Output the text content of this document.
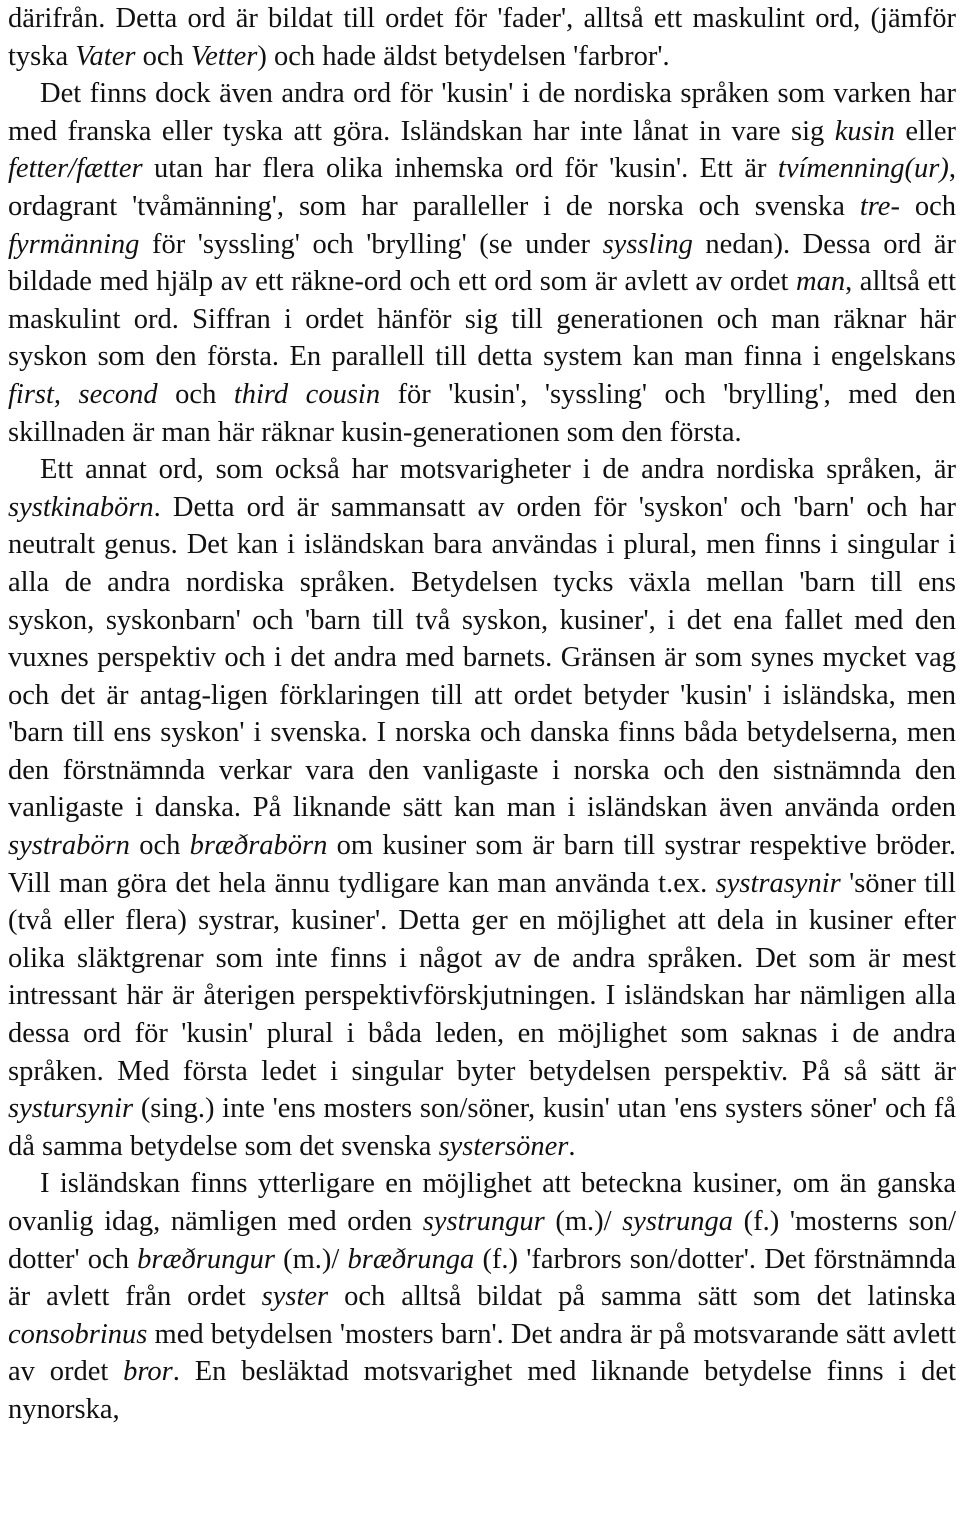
därifrån. Detta ord är bildat till ordet för 'fader', alltså ett maskulint ord, (jämför tyska Vater och Vetter) och hade äldst betydelsen 'farbror'.

Det finns dock även andra ord för 'kusin' i de nordiska språken som varken har med franska eller tyska att göra. Isländskan har inte lånat in vare sig kusin eller fetter/fætter utan har flera olika inhemska ord för 'kusin'. Ett är tvímenning(ur), ordagrant 'tvåmänning', som har paralleller i de norska och svenska tre- och fyrmänning för 'syssling' och 'brylling' (se under syssling nedan). Dessa ord är bildade med hjälp av ett räkne-ord och ett ord som är avlett av ordet man, alltså ett maskulint ord. Siffran i ordet hänför sig till generationen och man räknar här syskon som den första. En parallell till detta system kan man finna i engelskans first, second och third cousin för 'kusin', 'syssling' och 'brylling', med den skillnaden är man här räknar kusin-generationen som den första.

Ett annat ord, som också har motsvarigheter i de andra nordiska språken, är systkinabörn. Detta ord är sammansatt av orden för 'syskon' och 'barn' och har neutralt genus. Det kan i isländskan bara användas i plural, men finns i singular i alla de andra nordiska språken. Betydelsen tycks växla mellan 'barn till ens syskon, syskonbarn' och 'barn till två syskon, kusiner', i det ena fallet med den vuxnes perspektiv och i det andra med barnets. Gränsen är som synes mycket vag och det är antag-ligen förklaringen till att ordet betyder 'kusin' i isländska, men 'barn till ens syskon' i svenska. I norska och danska finns båda betydelserna, men den förstnämnda verkar vara den vanligaste i norska och den sistnämnda den vanligaste i danska. På liknande sätt kan man i isländskan även använda orden systrabörn och bræðrabörn om kusiner som är barn till systrar respektive bröder. Vill man göra det hela ännu tydligare kan man använda t.ex. systrasynir 'söner till (två eller flera) systrar, kusiner'. Detta ger en möjlighet att dela in kusiner efter olika släktgrenar som inte finns i något av de andra språken. Det som är mest intressant här är återigen perspektivförskjutningen. I isländskan har nämligen alla dessa ord för 'kusin' plural i båda leden, en möjlighet som saknas i de andra språken. Med första ledet i singular byter betydelsen perspektiv. På så sätt är systursynir (sing.) inte 'ens mosters son/söner, kusin' utan 'ens systers söner' och få då samma betydelse som det svenska systersöner.

I isländskan finns ytterligare en möjlighet att beteckna kusiner, om än ganska ovanlig idag, nämligen med orden systrungur (m.)/ systrunga (f.) 'mosterns son/ dotter' och bræðrungur (m.)/ bræðrunga (f.) 'farbrors son/dotter'. Det förstnämnda är avlett från ordet syster och alltså bildat på samma sätt som det latinska consobrinus med betydelsen 'mosters barn'. Det andra är på motsvarande sätt avlett av ordet bror. En besläktad motsvarighet med liknande betydelse finns i det nynorska,
